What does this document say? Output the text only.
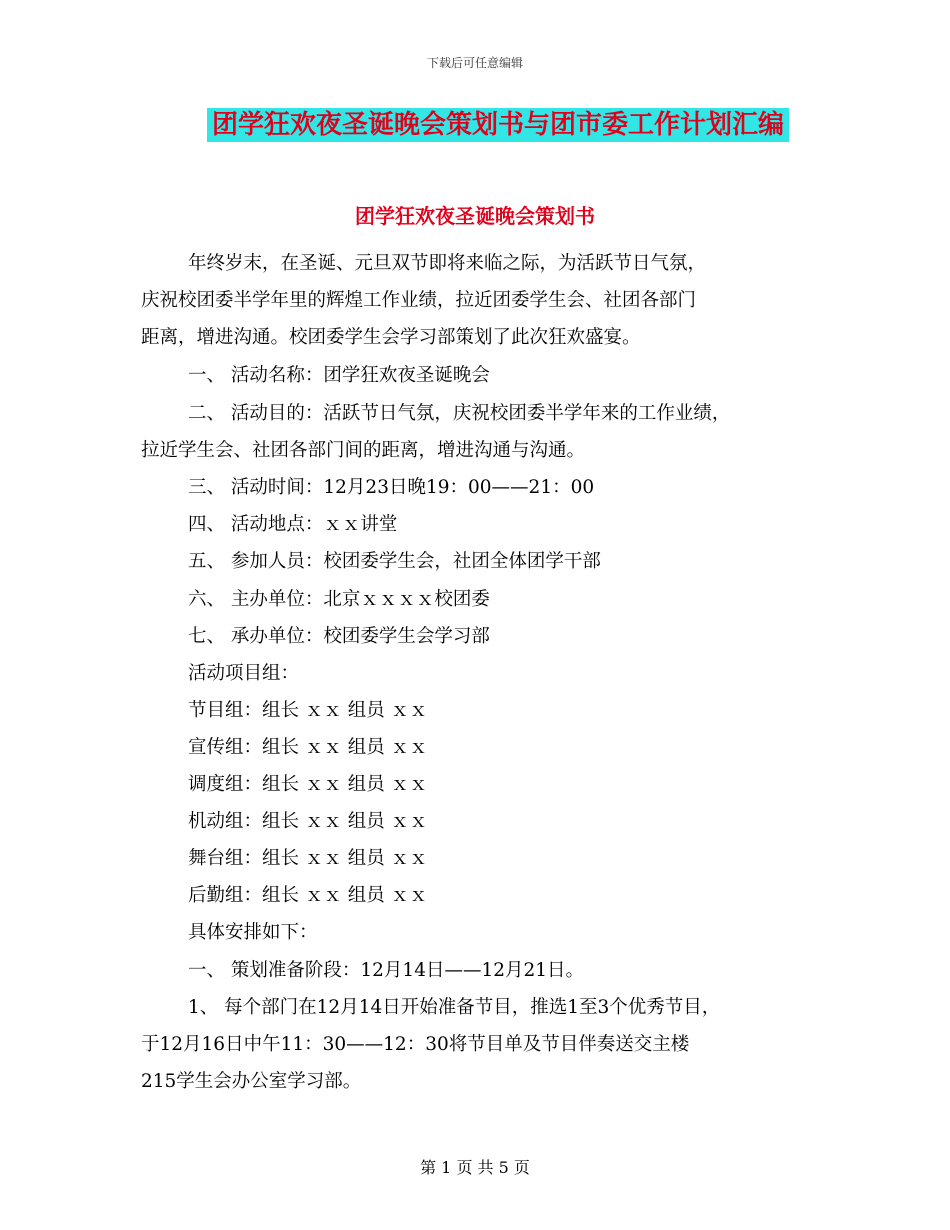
下载后可任意编辑
团学狂欢夜圣诞晚会策划书与团市委工作计划汇编
团学狂欢夜圣诞晚会策划书
年终岁末，在圣诞、元旦双节即将来临之际，为活跃节日气氛，
庆祝校团委半学年里的辉煌工作业绩，拉近团委学生会、社团各部门
距离，增进沟通。校团委学生会学习部策划了此次狂欢盛宴。
一、 活动名称：团学狂欢夜圣诞晚会
二、 活动目的：活跃节日气氛，庆祝校团委半学年来的工作业绩，
拉近学生会、社团各部门间的距离，增进沟通与沟通。
三、 活动时间：12月23日晚19：00——21：00
四、 活动地点：ｘｘ讲堂
五、 参加人员：校团委学生会，社团全体团学干部
六、 主办单位：北京ｘｘｘｘ校团委
七、 承办单位：校团委学生会学习部
活动项目组：
节目组：组长 ｘｘ 组员 ｘｘ
宣传组：组长 ｘｘ 组员 ｘｘ
调度组：组长 ｘｘ 组员 ｘｘ
机动组：组长 ｘｘ 组员 ｘｘ
舞台组：组长 ｘｘ 组员 ｘｘ
后勤组：组长 ｘｘ 组员 ｘｘ
具体安排如下：
一、 策划准备阶段：12月14日——12月21日。
1、 每个部门在12月14日开始准备节目，推选1至3个优秀节目，
于12月16日中午11：30——12：30将节目单及节目伴奏送交主楼
215学生会办公室学习部。
第 1 页 共 5 页
